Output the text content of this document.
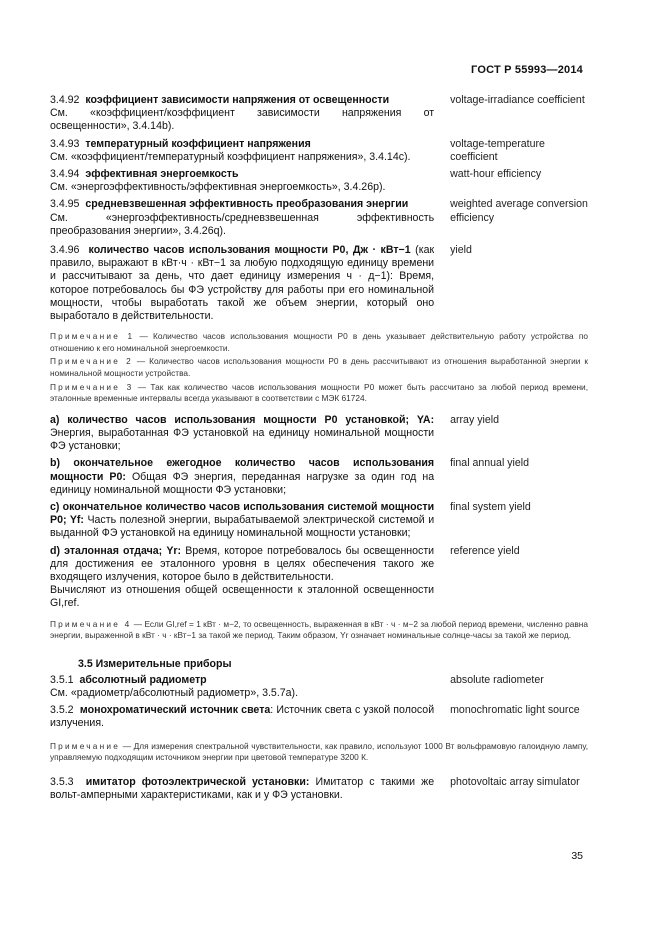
ГОСТ Р 55993—2014
3.4.92 коэффициент зависимости напряжения от освещенности
См. «коэффициент/коэффициент зависимости напряжения от освещенности», 3.4.14b).
voltage-irradiance coefficient
3.4.93 температурный коэффициент напряжения
См. «коэффициент/температурный коэффициент напряжения», 3.4.14c).
voltage-temperature coefficient
3.4.94 эффективная энергоемкость
См. «энергоэффективность/эффективная энергоемкость», 3.4.26p).
watt-hour efficiency
3.4.95 средневзвешенная эффективность преобразования энергии
См. «энергоэффективность/средневзвешенная эффективность преобразования энергии», 3.4.26q).
weighted average conversion efficiency
3.4.96 количество часов использования мощности P0, Дж · кВт−1 (как правило, выражают в кВт·ч · кВт−1 за любую подходящую единицу времени и рассчитывают за день, что дает единицу измерения ч · д−1): Время, которое потребовалось бы ФЭ устройству для работы при его номинальной мощности, чтобы выработать такой же объем энергии, который оно выработало в действительности.
yield
Примечание 1 — Количество часов использования мощности P0 в день указывает действительную работу устройства по отношению к его номинальной энергоемкости.
Примечание 2 — Количество часов использования мощности P0 в день рассчитывают из отношения выработанной энергии к номинальной мощности устройства.
Примечание 3 — Так как количество часов использования мощности P0 может быть рассчитано за любой период времени, эталонные временные интервалы всегда указывают в соответствии с МЭК 61724.
а) количество часов использования мощности P0 установкой; YA: Энергия, выработанная ФЭ установкой на единицу номинальной мощности ФЭ установки;
array yield
b) окончательное ежегодное количество часов использования мощности P0: Общая ФЭ энергия, переданная нагрузке за один год на единицу номинальной мощности ФЭ установки;
final annual yield
c) окончательное количество часов использования системой мощности P0; Yf: Часть полезной энергии, вырабатываемой электрической системой и выданной ФЭ установкой на единицу номинальной мощности установки;
final system yield
d) эталонная отдача; Yr: Время, которое потребовалось бы освещенности для достижения ее эталонного уровня в целях обеспечения такого же входящего излучения, которое было в действительности.
Вычисляют из отношения общей освещенности к эталонной освещенности GI,ref.
reference yield
Примечание 4 — Если GI,ref = 1 кВт · м−2, то освещенность, выраженная в кВт · ч · м−2 за любой период времени, численно равна энергии, выраженной в кВт · ч · кВт−1 за такой же период. Таким образом, Yr означает номинальные солнце-часы за такой же период.
3.5 Измерительные приборы
3.5.1 абсолютный радиометр
См. «радиометр/абсолютный радиометр», 3.5.7а).
absolute radiometer
3.5.2 монохроматический источник света: Источник света с узкой полосой излучения.
monochromatic light source
Примечание — Для измерения спектральной чувствительности, как правило, используют 1000 Вт вольфрамовую галоидную лампу, управляемую подходящим источником энергии при цветовой температуре 3200 К.
3.5.3 имитатор фотоэлектрической установки: Имитатор с такими же вольт-амперными характеристиками, как и у ФЭ установки.
photovoltaic array simulator
35
